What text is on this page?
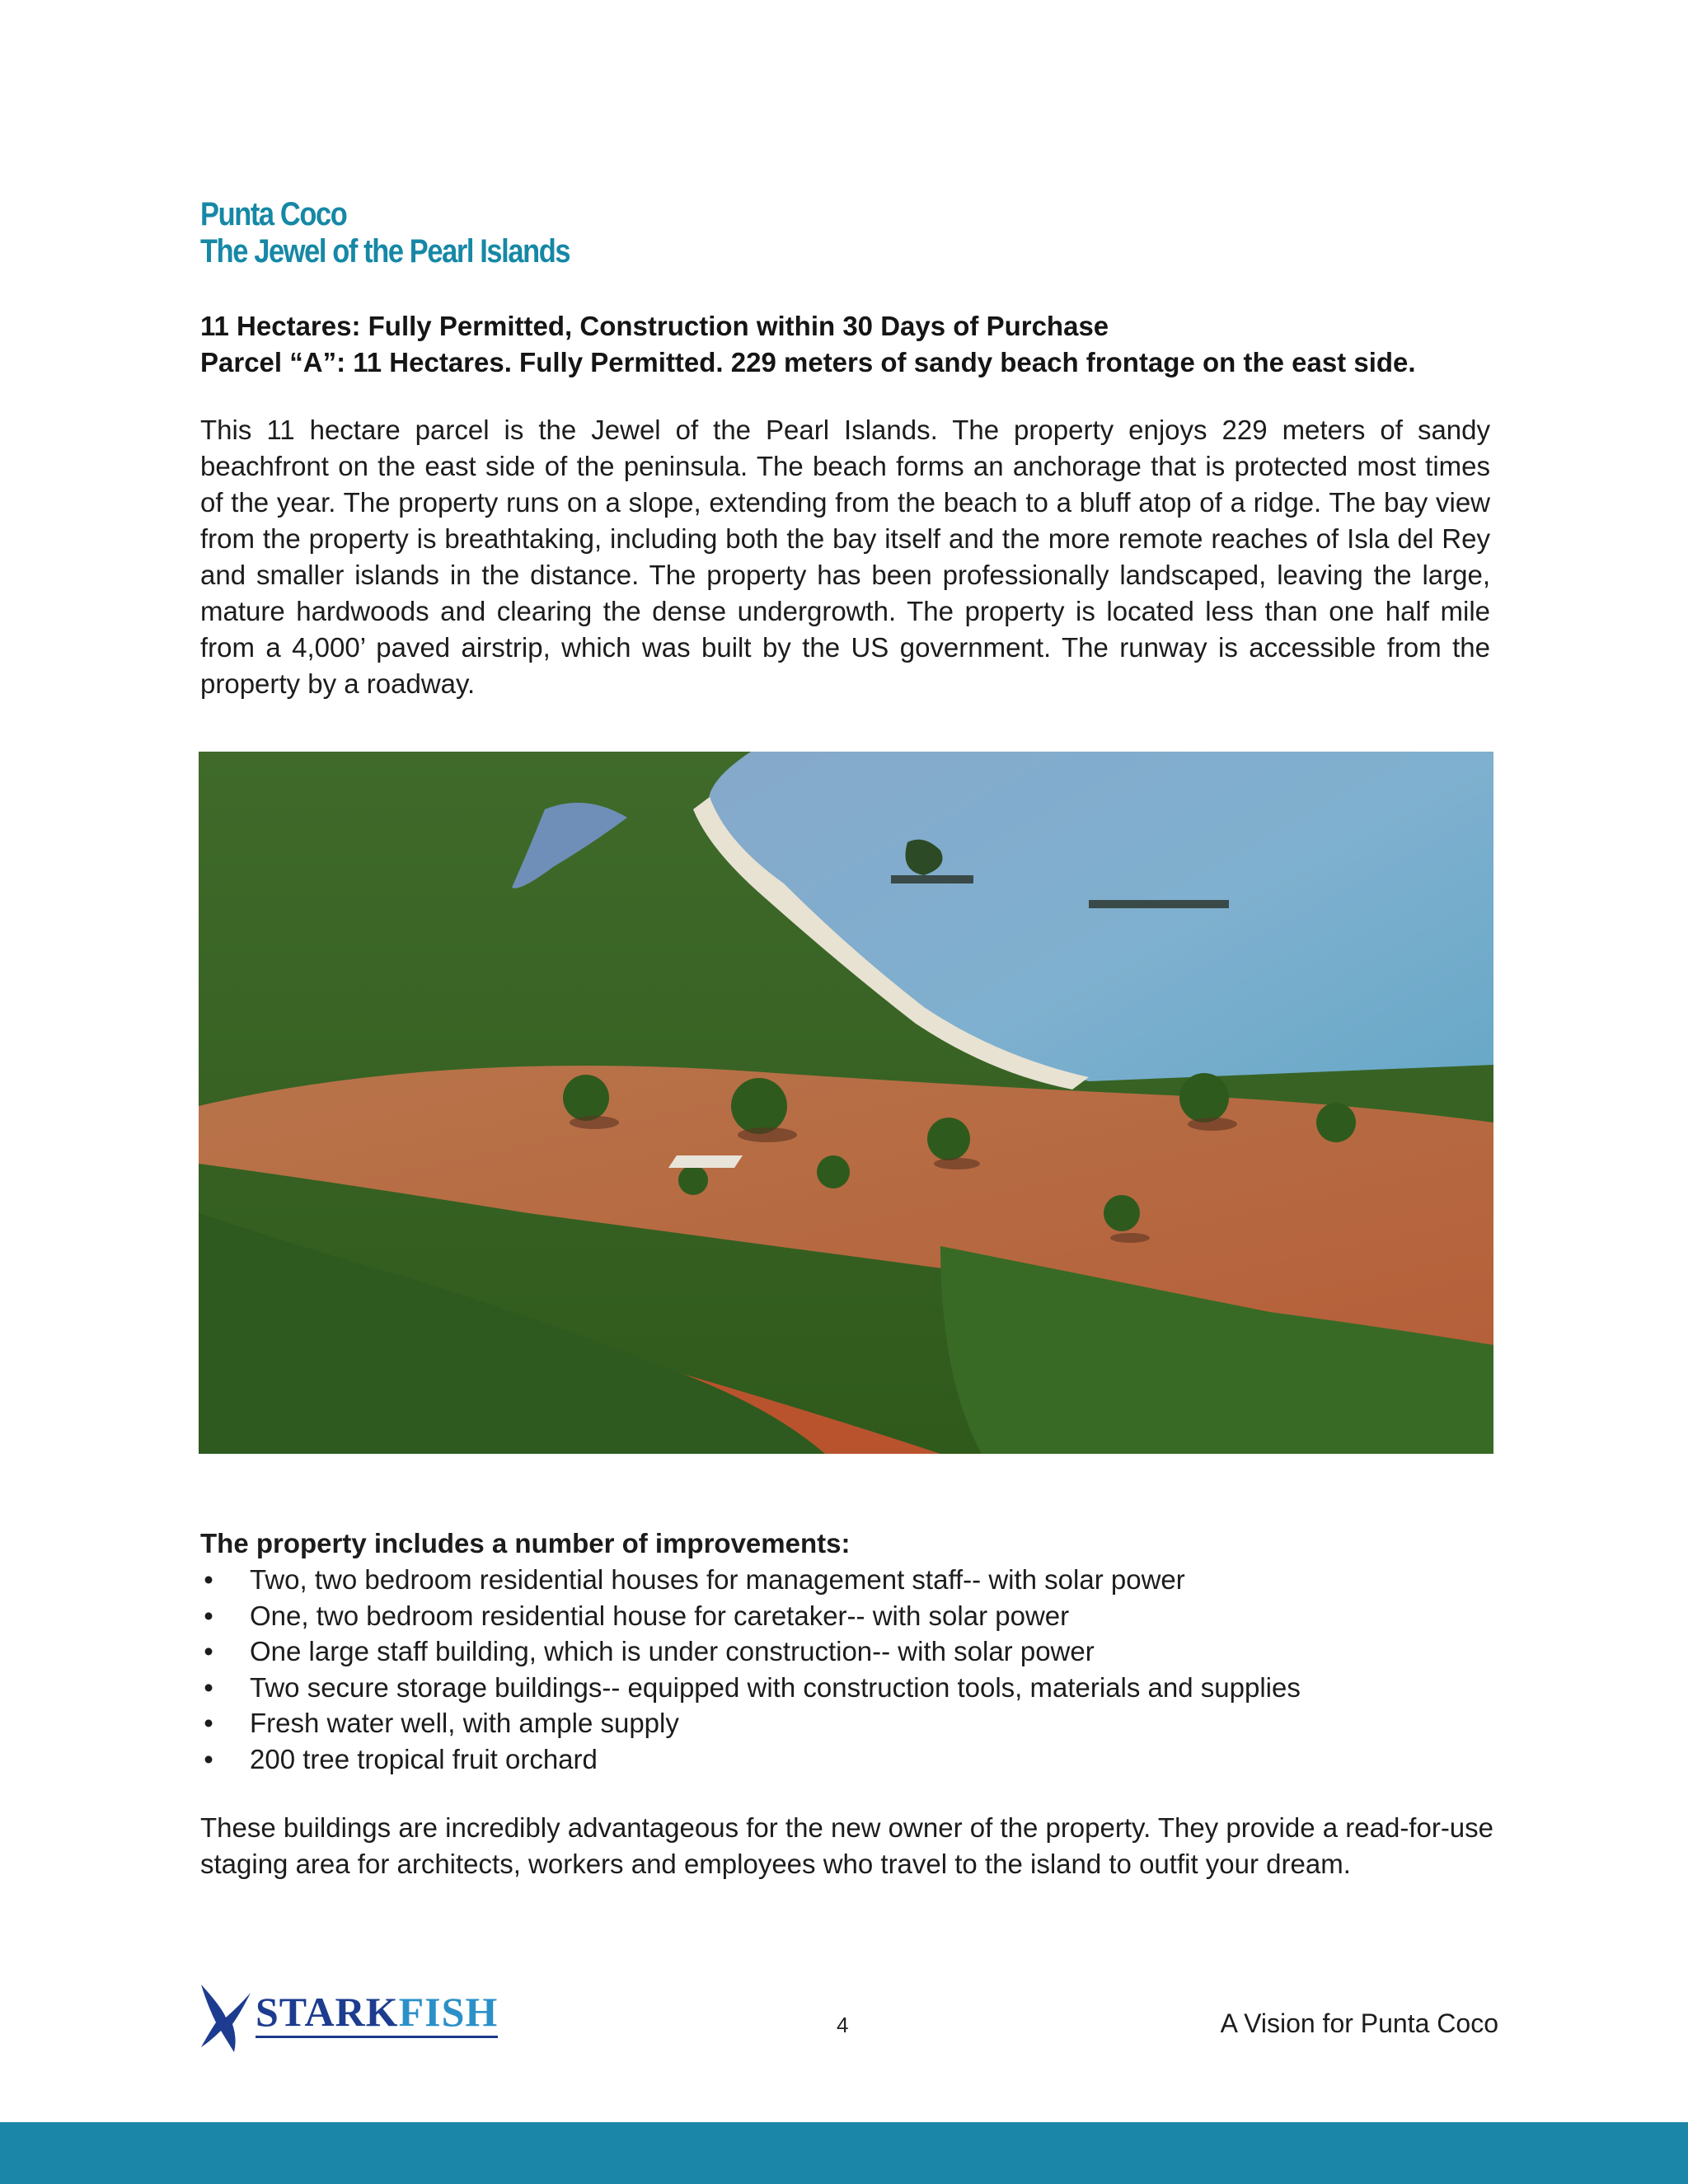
Punta Coco
The Jewel of the Pearl Islands
11 Hectares: Fully Permitted, Construction within 30 Days of Purchase
Parcel “A”: 11 Hectares. Fully Permitted. 229 meters of sandy beach frontage on the east side.

This 11 hectare parcel is the Jewel of the Pearl Islands. The property enjoys 229 meters of sandy beachfront on the east side of the peninsula. The beach forms an anchorage that is protected most times of the year. The property runs on a slope, extending from the beach to a bluff atop of a ridge. The bay view from the property is breathtaking, including both the bay itself and the more remote reaches of Isla del Rey and smaller islands in the distance. The property has been professionally landscaped, leaving the large, mature hardwoods and clearing the dense undergrowth. The property is located less than one half mile from a 4,000’ paved airstrip, which was built by the US government. The runway is accessible from the property by a roadway.

The property includes a number of improvements:
• Two, two bedroom residential houses for management staff-- with solar power
• One, two bedroom residential house for caretaker-- with solar power
• One large staff building, which is under construction-- with solar power
• Two secure storage buildings-- equipped with construction tools, materials and supplies
• Fresh water well, with ample supply
• 200 tree tropical fruit orchard

These buildings are incredibly advantageous for the new owner of the property. They provide a read-for-use staging area for architects, workers and employees who travel to the island to outfit your dream.

STARKFISH	4	A Vision for Punta Coco
